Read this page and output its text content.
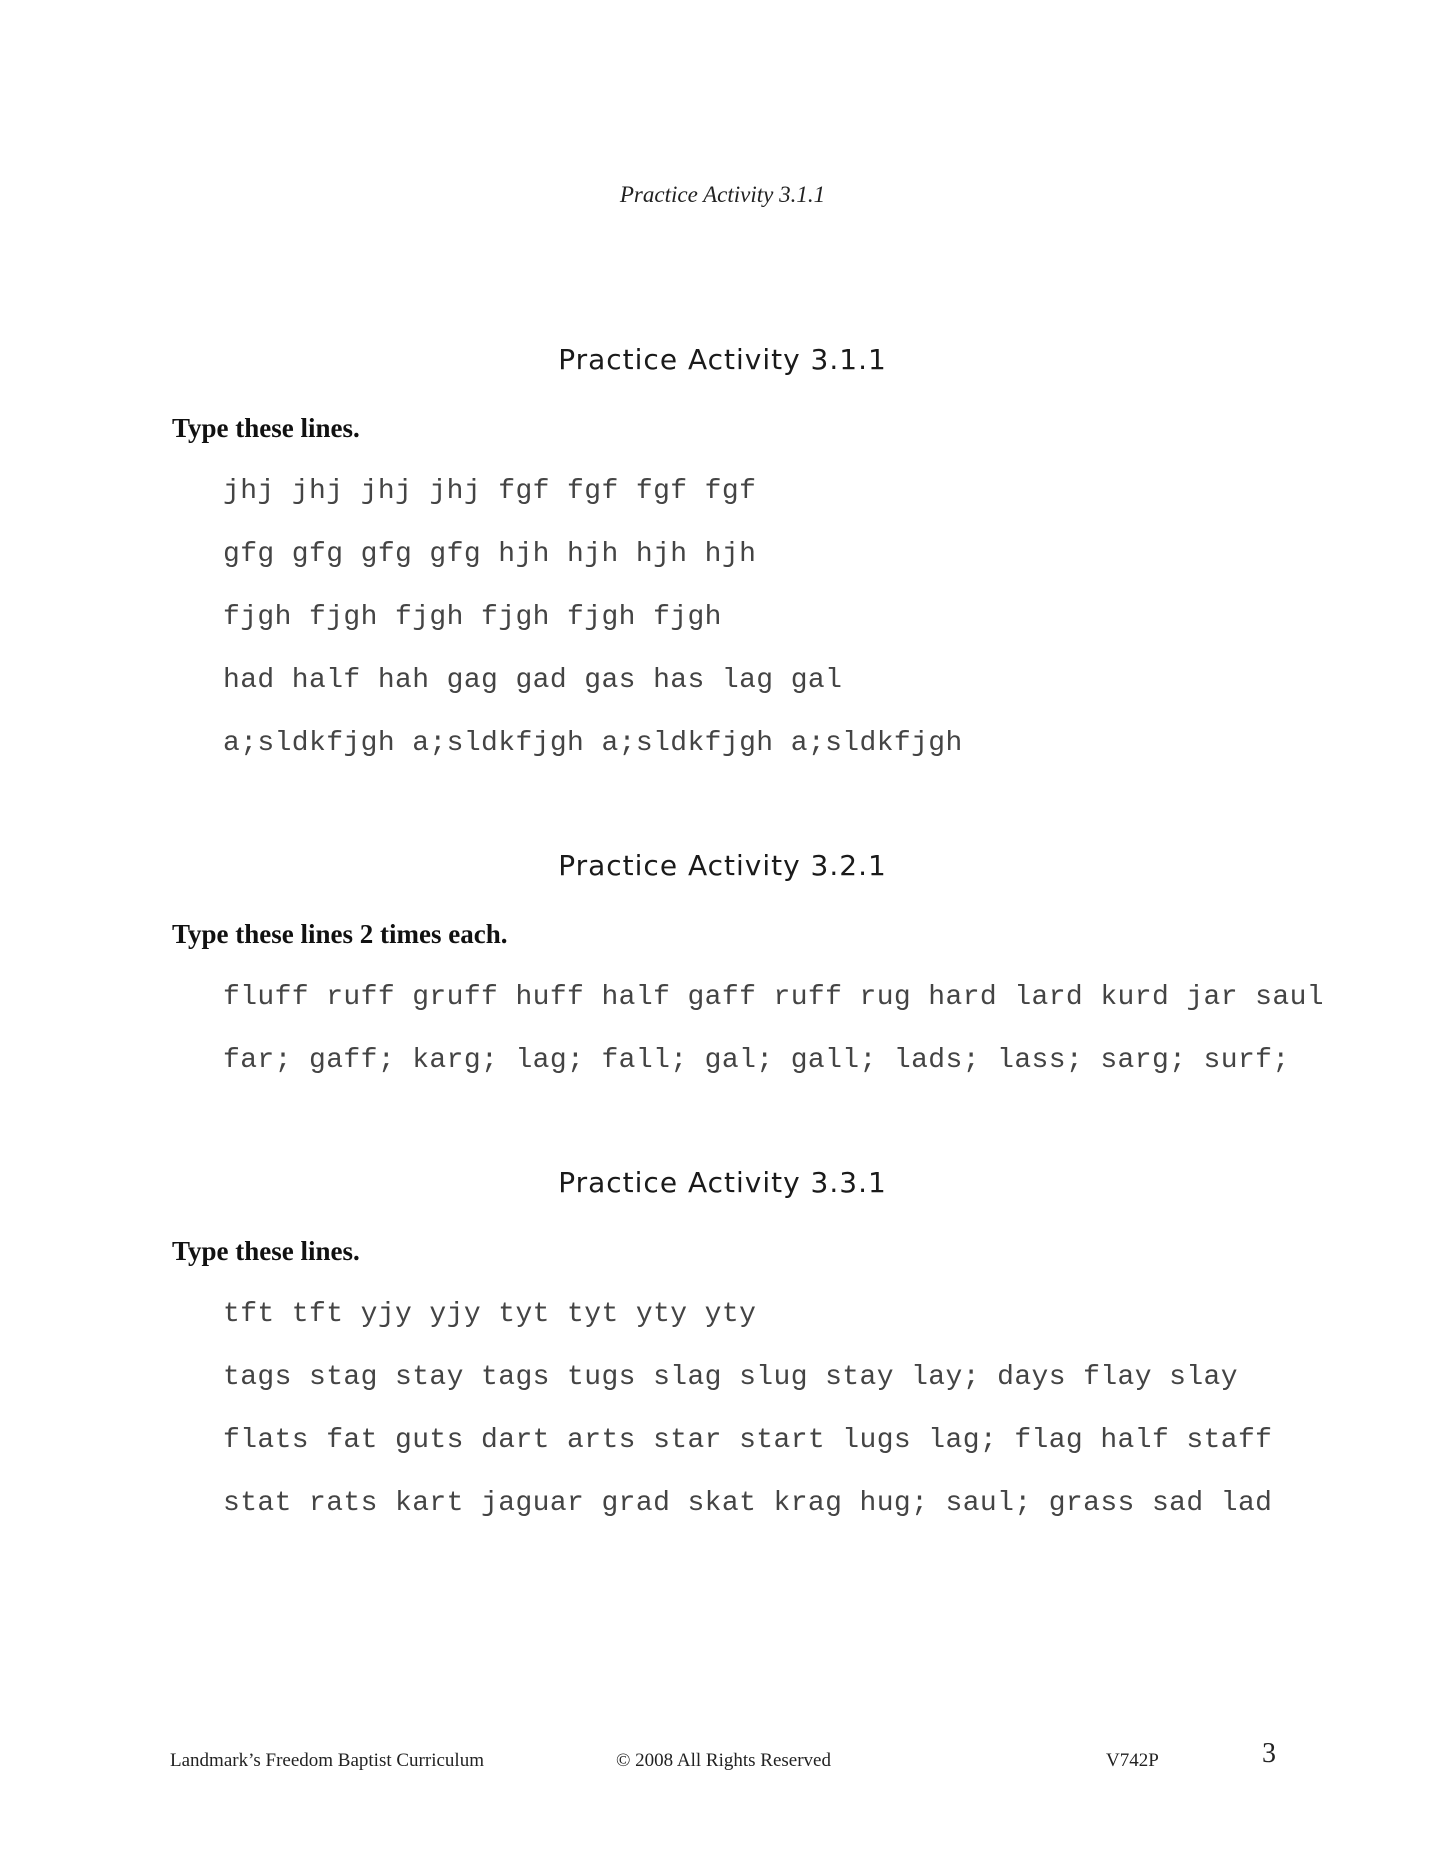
Practice Activity 3.1.1
Practice Activity 3.1.1
Type these lines.
jhj jhj jhj jhj fgf fgf fgf fgf
gfg gfg gfg gfg hjh hjh hjh hjh
fjgh fjgh fjgh fjgh fjgh fjgh
had half hah gag gad gas has lag gal
a;sldkfjgh a;sldkfjgh a;sldkfjgh a;sldkfjgh
Practice Activity 3.2.1
Type these lines 2 times each.
fluff ruff gruff huff half gaff ruff rug hard lard kurd jar saul
far; gaff; karg; lag; fall; gal; gall; lads; lass; sarg; surf;
Practice Activity 3.3.1
Type these lines.
tft tft yjy yjy tyt tyt yty yty
tags stag stay tags tugs slag slug stay lay; days flay slay
flats fat guts dart arts star start lugs lag; flag half staff
stat rats kart jaguar grad skat krag hug; saul; grass sad lad
Landmark’s Freedom Baptist Curriculum	© 2008 All Rights Reserved	V742P	3
